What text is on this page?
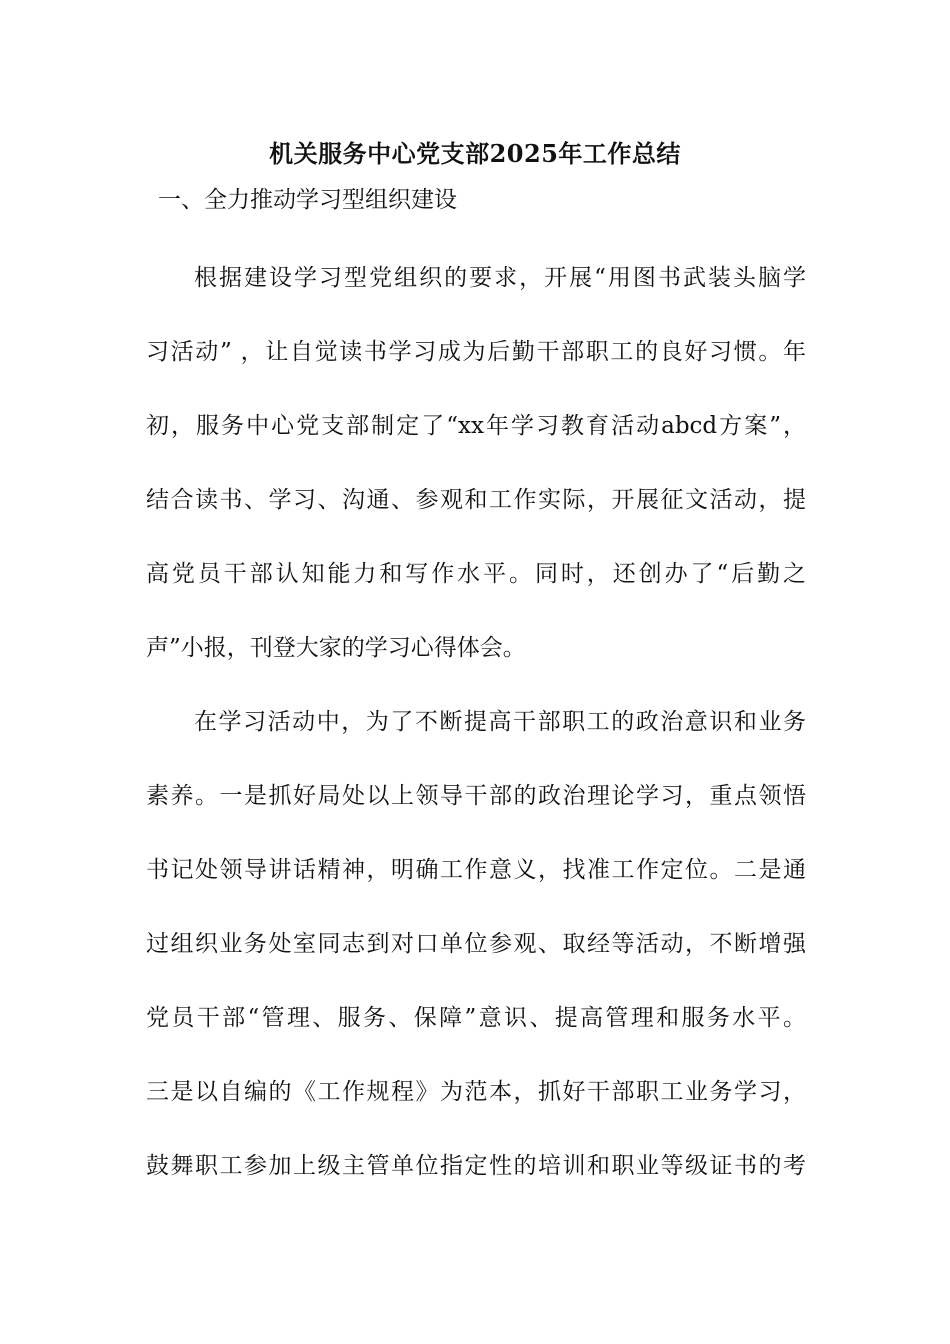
机关服务中心党支部2025年工作总结
一、全力推动学习型组织建设
根据建设学习型党组织的要求，开展“用图书武装头脑学
习活动” ，让自觉读书学习成为后勤干部职工的良好习惯。年
初，服务中心党支部制定了“xx年学习教育活动abcd方案”，
结合读书、学习、沟通、参观和工作实际，开展征文活动，提
高党员干部认知能力和写作水平。同时，还创办了“后勤之
声”小报，刊登大家的学习心得体会。
在学习活动中，为了不断提高干部职工的政治意识和业务
素养。一是抓好局处以上领导干部的政治理论学习，重点领悟
书记处领导讲话精神，明确工作意义，找准工作定位。二是通
过组织业务处室同志到对口单位参观、取经等活动，不断增强
党员干部“管理、服务、保障”意识、提高管理和服务水平。
三是以自编的《工作规程》为范本，抓好干部职工业务学习，
鼓舞职工参加上级主管单位指定性的培训和职业等级证书的考
